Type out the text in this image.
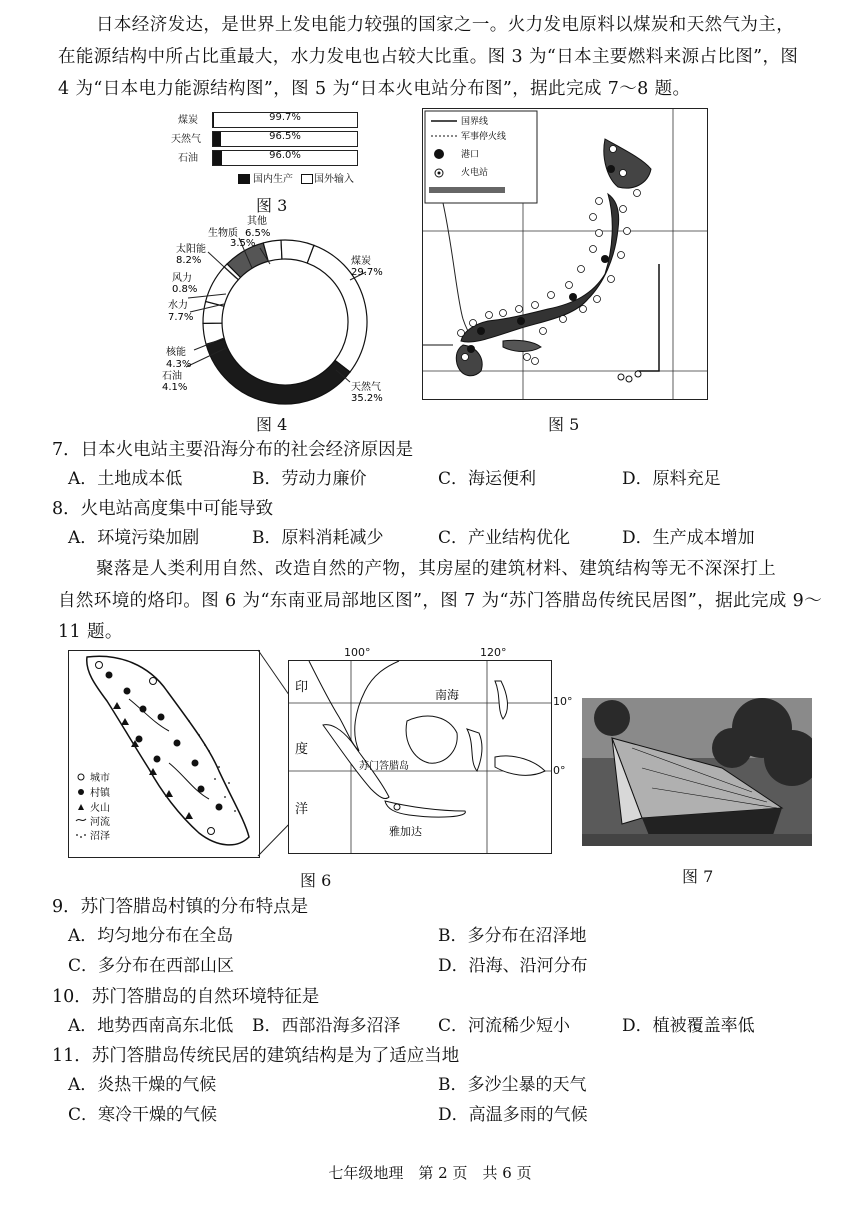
日本经济发达，是世界上发电能力较强的国家之一。火力发电原料以煤炭和天然气为主，
在能源结构中所占比重最大，水力发电也占较大比重。图 3 为“日本主要燃料来源占比图”，图
4 为“日本电力能源结构图”，图 5 为“日本火电站分布图”，据此完成 7～8 题。
煤炭
天然气
石油
99.7%
96.5%
96.0%
国内生产 国外输入
图 3
煤炭
29.7%
天然气
35.2%
石油
4.1%
核能
4.3%
水力
7.7%
风力
0.8%
太阳能
8.2%
生物质
3.5%
其他
6.5%
图 4
国界线
军事停火线
港口
火电站
图 5
7．日本火电站主要沿海分布的社会经济原因是
A．土地成本低	B．劳动力廉价	C．海运便利	D．原料充足
8．火电站高度集中可能导致
A．环境污染加剧	B．原料消耗减少	C．产业结构优化	D．生产成本增加
聚落是人类利用自然、改造自然的产物，其房屋的建筑材料、建筑结构等无不深深打上
自然环境的烙印。图 6 为“东南亚局部地区图”，图 7 为“苏门答腊岛传统民居图”，据此完成 9～
11 题。
城市
村镇
火山
河流
沼泽
印
度
洋
南海
雅加达
苏门答腊岛
100°	120°
10°
0°
图 6	图 7
9．苏门答腊岛村镇的分布特点是
A．均匀地分布在全岛	B．多分布在沼泽地
C．多分布在西部山区	D．沿海、沿河分布
10．苏门答腊岛的自然环境特征是
A．地势西南高东北低 B．西部沿海多沼泽 C．河流稀少短小	D．植被覆盖率低
11．苏门答腊岛传统民居的建筑结构是为了适应当地
A．炎热干燥的气候	B．多沙尘暴的天气
C．寒冷干燥的气候	D．高温多雨的气候
七年级地理　第 2 页　共 6 页
